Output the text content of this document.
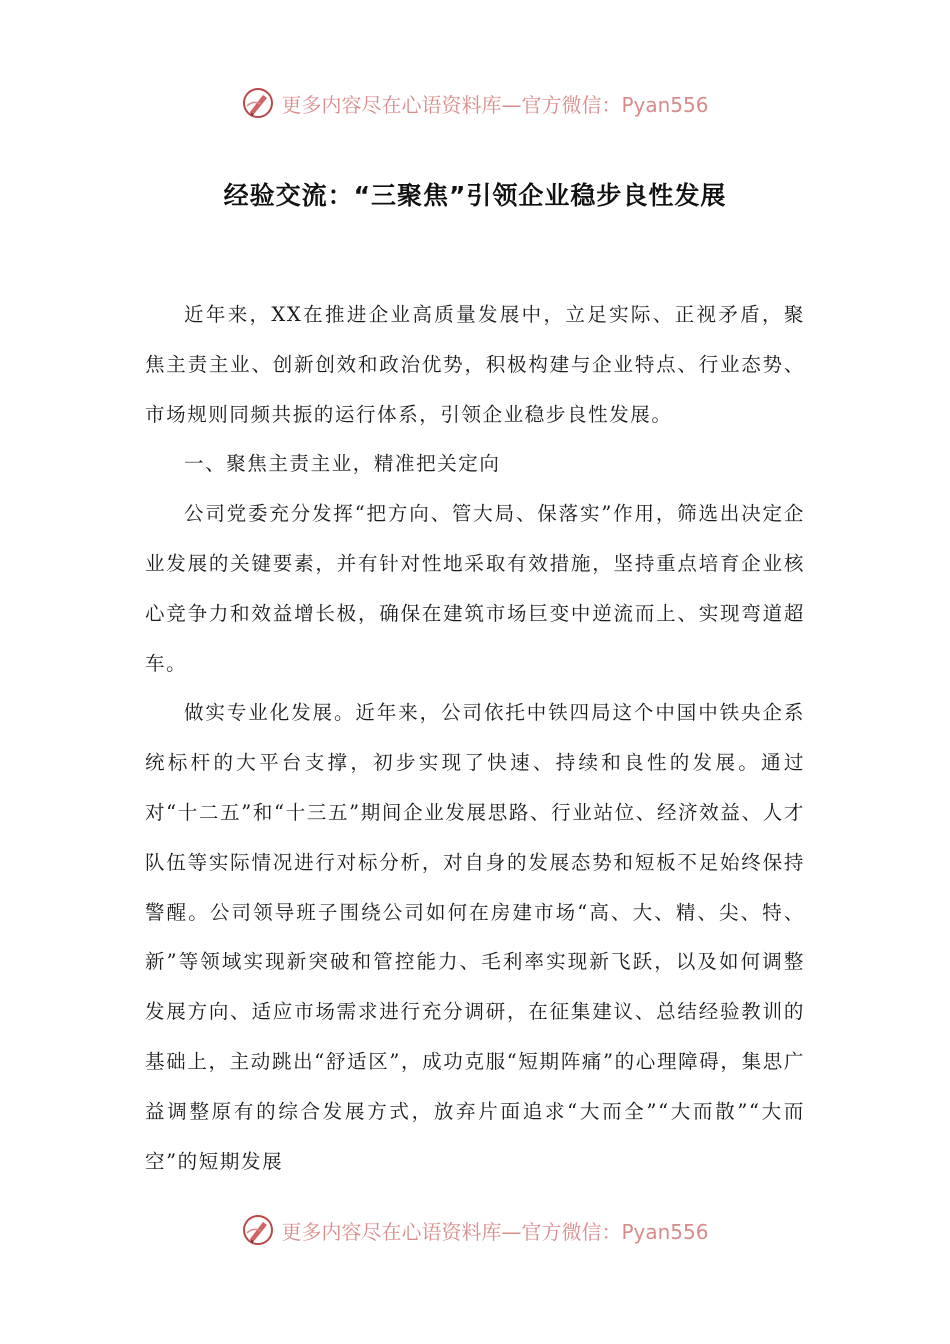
更多内容尽在心语资料库—官方微信：Pyan556
经验交流：“三聚焦”引领企业稳步良性发展

近年来，XX在推进企业高质量发展中，立足实际、正视矛盾，聚焦主责主业、创新创效和政治优势，积极构建与企业特点、行业态势、市场规则同频共振的运行体系，引领企业稳步良性发展。

一、聚焦主责主业，精准把关定向

公司党委充分发挥“把方向、管大局、保落实”作用，筛选出决定企业发展的关键要素，并有针对性地采取有效措施，坚持重点培育企业核心竞争力和效益增长极，确保在建筑市场巨变中逆流而上、实现弯道超车。

做实专业化发展。近年来，公司依托中铁四局这个中国中铁央企系统标杆的大平台支撑，初步实现了快速、持续和良性的发展。通过对“十二五”和“十三五”期间企业发展思路、行业站位、经济效益、人才队伍等实际情况进行对标分析，对自身的发展态势和短板不足始终保持警醒。公司领导班子围绕公司如何在房建市场“高、大、精、尖、特、新”等领域实现新突破和管控能力、毛利率实现新飞跃，以及如何调整发展方向、适应市场需求进行充分调研，在征集建议、总结经验教训的基础上，主动跳出“舒适区”，成功克服“短期阵痛”的心理障碍，集思广益调整原有的综合发展方式，放弃片面追求“大而全”“大而散”“大而空”的短期发展

更多内容尽在心语资料库—官方微信：Pyan556
